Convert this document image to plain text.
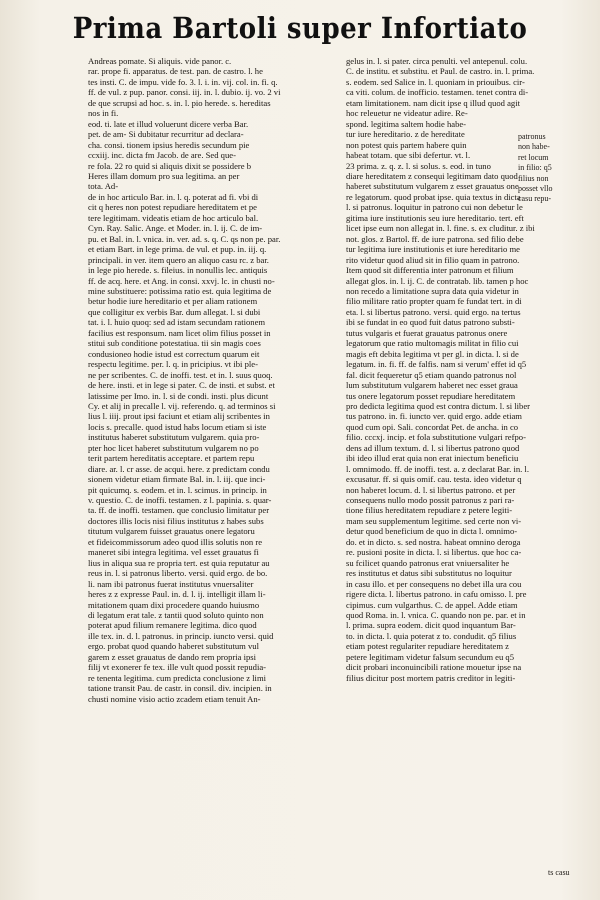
Prima Bartoli super Infortiato
Andreas pomate. Si aliquis. vide panor. c.
rar. prope fi. apparatus. de test. pan. de castro. l. he
tes insti. C. de impu. vide fo. 3. l. i. in. vij. col. in. fi. q.
ff. de vul. z pup. panor. consi. iij. in. l. dubio. ij. vo. 2 vi
de que scrupsi ad hoc. s. in. l. pio herede. s. hereditas
nos in fi.
eod. ti. late et illud voluerunt dicere verba Bar.
pet. de am- Si dubitatur recurritur ad declara-
cha. consi. tionem ipsius heredis secundum pie
ccxiij. inc. dicta fm Jacob. de are. Sed que-
re fola. 22 ro quid si aliquis dixit se possidere b
Heres illam domum pro sua legitima. an per
tota. Ad-
de in hoc articulo Bar. in. l. q. poterat ad fi. vbi di
cit q heres non potest repudiare hereditatem et pe
tere legitimam. videatis etiam de hoc articulo bal.
Cyn. Ray. Salic. Ange. et Moder. in. l. ij. C. de im-
pu. et Bal. in. l. vnica. in. ver. ad. s. q. C. qs non pe. par.
et etiam Bart. in lege prima. de vul. et pup. in. iij. q.
principali. in ver. item quero an aliquo casu rc. z bar.
in lege pio herede. s. fileius. in nonullis lec. antiquis
ff. de acq. here. et Ang. in consi. xxvj. lc. in chusti no-
mine substituere: potissima ratio est. quia legitima de
betur hodie iure hereditario et per aliam rationem
que colligitur ex verbis Bar. dum allegat. l. si dubi
tat. i. l. huio quoq: sed ad istam secundam rationem
facilius est responsum. nam licet olim filius posset in
stitui sub conditione potestatiua. tii sin magis coes
condusioneo hodie istud est correctum quarum eit
respectu legitime. per. l. q. in pricipius. vt ibi ple-
ne per scribentes. C. de inoffi. test. et in. l. suus quoq.
de here. insti. et in lege si pater. C. de insti. et subst. et
latissime per Imo. in. l. si de condi. insti. plus dicunt
Cy. et alij in precalle l. vij. referendo. q. ad terminos si
lius l. iiij. prout ipsi faciunt et etiam alij scribentes in
locis s. precalle. quod istud habs locum etiam si iste
institutus haberet substitutum vulgarem. quia pro-
pter hoc licet haberet substitutum vulgarem no po
terit partem hereditatis acceptare. et partem repu
diare. ar. l. cr asse. de acqui. here. z predictam condu
sionem videtur etiam firmate Bal. in. l. iij. que inci-
pit quicumq. s. eodem. et in. l. scimus. in princip. in
v. questio. C. de inoffi. testamen. z l. papinia. s. quar-
ta. ff. de inoffi. testamen. que conclusio limitatur per
doctores illis locis nisi filius institutus z habes subs
titutum vulgarem fuisset grauatus onere legatoru
et fideicommissorum adeo quod illis solutis non re
maneret sibi integra legitima. vel esset grauatus fi
lius in aliqua sua re propria tert. est quia reputatur au
reus in. l. si patronus liberto. versi. quid ergo. de bo.
li. nam ibi patronus fuerat institutus vnuersaliter
heres z z expresse Paul. in. d. l. ij. intelligit illam li-
mitationem quam dixi procedere quando huiusmo
di legatum erat tale. z tantii quod soluto quinto non
poterat apud filium remanere legitima. dico quod
ille tex. in. d. l. patronus. in princip. iuncto versi. quid
ergo. probat quod quando haberet substitutum vul
garem z esset grauatus de dando rem propria ipsi
filij vt exonerer fe tex. ille vult quod possit repudia-
re tenenta legitima. cum predicta conclusione z limi
tatione transit Pau. de castr. in consil. div. incipien. in
chusti nomine visio actio zcadem etiam tenuit An-
gelus in. l. si pater. circa penulti. vel antepenul. colu.
C. de institu. et substitu. et Paul. de castro. in. l. prima.
s. eodem. sed Salice in. l. quoniam in priouibus. cir-
ca viti. colum. de inofficio. testamen. tenet contra di-
etam limitationem. nam dicit ipse q illud quod agit
hoc releuetur ne videatur adire. Re-
spond. legitima saltem hodie habe-
tur iure hereditario. z de hereditate
non potest quis partem habere quin
habeat totam. que sibi defertur. vt. l.
23 prima. z. q. z. l. si solus. s. eod. in tuno
diare hereditatem z consequi legitimam dato quod
haberet substitutum vulgarem z esset grauatus one
re legatorum. quod probat ipse. quia textus in dicta
l. si patronus. loquitur in patrono cui non debetur le
gitima iure institutionis seu iure hereditario. tert. eft
licet ipse eum non allegat in. l. fine. s. ex cluditur. z ibi
not. glos. z Bartol. ff. de iure patrona. sed filio debe
tur legitima iure institutionis et iure hereditario me
rito videtur quod aliud sit in filio quam in patrono.
Item quod sit differentia inter patronum et filium
allegat glos. in. l. ij. C. de contratab. lib. tamen p hoc
non recedo a limitatione supra data quia videtur in
filio militare ratio propter quam fe fundat tert. in di
eta. l. si libertus patrono. versi. quid ergo. na tertus
ibi se fundat in eo quod fuit datus patrono substi-
tutus vulgaris et fuerat grauatus patronus onere
legatorum que ratio multomagis militat in filio cui
magis eft debita legitima vt per gl. in dicta. l. si de
legatum. in. fi. ff. de falfis. nam si verum' effet id q5
fal. dicit fequeretur q5 etiam quando patronus nol
lum substitutum vulgarem haberet nec esset graua
tus onere legatorum posset repudiare hereditatem
pro dedicta legitima quod est contra dictum. l. si liber
tus patrono. in. fi. iuncto ver. quid ergo. adde etiam
quod cum opi. Sali. concordat Pet. de ancha. in co
filio. cccxj. incip. et fola substitutione vulgari refpo-
dens ad illum textum. d. l. si libertus patrono quod
ibi ideo illud erat quia non erat iniectum beneficiu
l. omnimodo. ff. de inoffi. test. a. z declarat Bar. in. l.
excusatur. ff. si quis omif. cau. testa. ideo videtur q
non haberet locum. d. l. si libertus patrono. et per
consequens nullo modo possit patronus z pari ra-
tione filius hereditatem repudiare z petere legiti-
mam seu supplementum legitime. sed certe non vi-
detur quod beneficium de quo in dicta l. omnimo-
do. et in dicto. s. sed nostra. habeat omnino deroga
re. pusioni posite in dicta. l. si libertus. que hoc ca-
su fcilicet quando patronus erat vniuersaliter he
res institutus et datus sibi substitutus no loquitur
in casu illo. et per consequens no debet illa ura cou
rigere dicta. l. libertus patrono. in cafu omisso. l. pre
cipimus. cum vulgarthus. C. de appel. Adde etiam
quod Roma. in. l. vnica. C. quando non pe. par. et in
l. prima. supra eodem. dicit quod inquantum Bar-
to. in dicta. l. quia poterat z to. condudit. q5 filius
etiam potest regulariter repudiare hereditatem z
petere legitimam videtur falsum secundum eu q5
dicit probari inconuincibili ratione mouetur ipse na
filius dicitur post mortem patris creditor in legiti-
patronus
non habe-
ret locum
in filio: q5
filius non
posset vllo
casu repu-
ts casu
